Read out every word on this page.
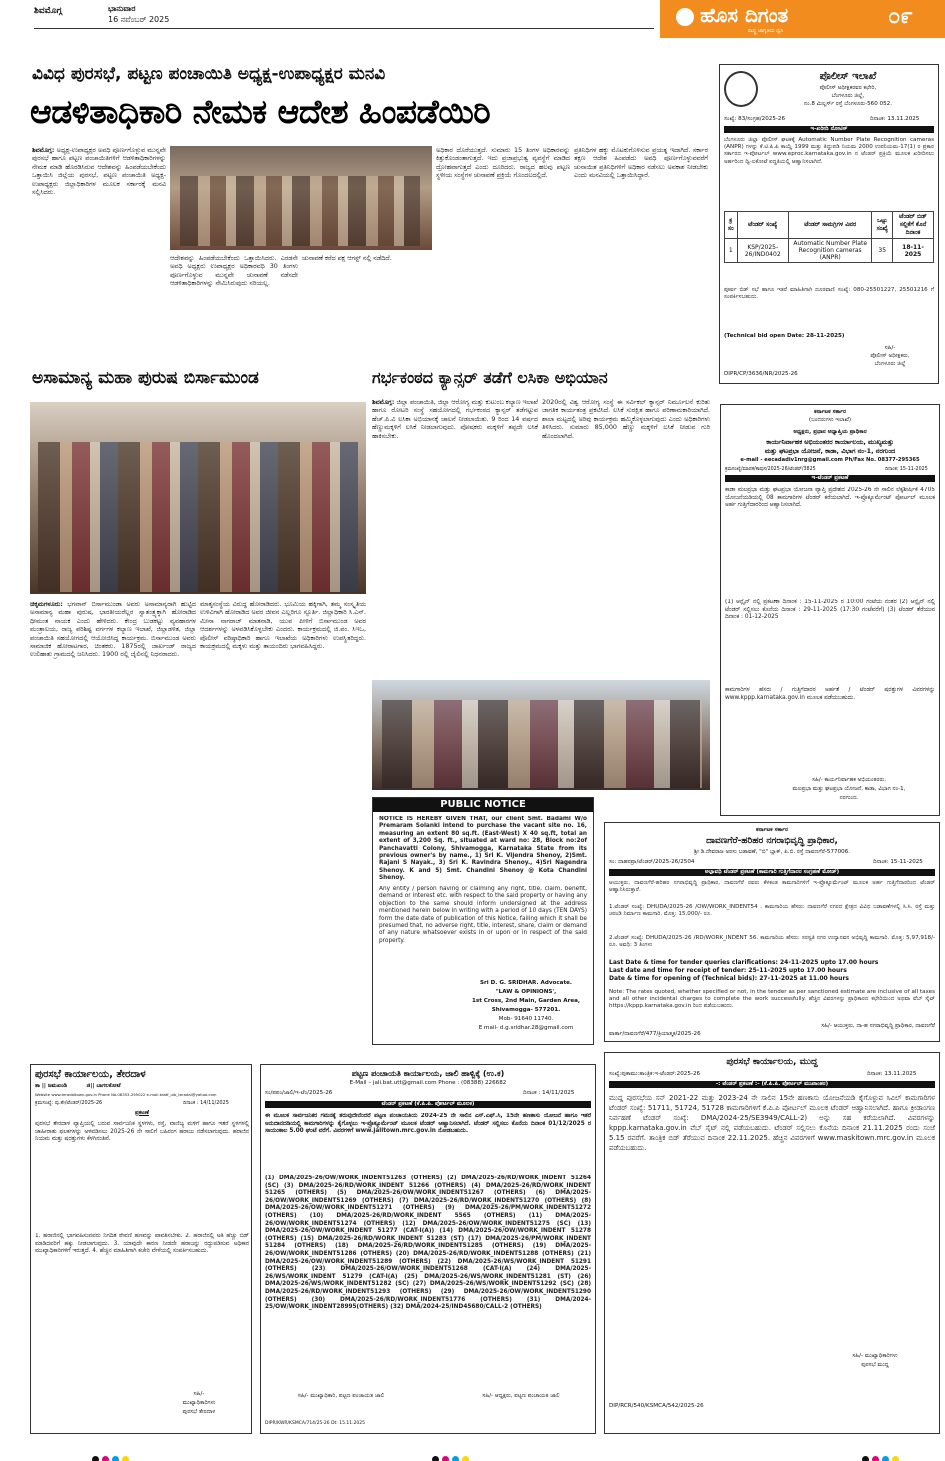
ಶಿವಮೊಗ್ಗ	ಭಾನುವಾರ
16 ನವೆಂಬರ್ 2025	ಹೊಸ ದಿಗಂತ
ರಾಷ್ಟ್ರ ಜಾಗೃತಿಯ ಧ್ವನಿ
೦೯
ವಿವಿಧ ಪುರಸಭೆ, ಪಟ್ಟಣ ಪಂಚಾಯಿತಿ ಅಧ್ಯಕ್ಷ-ಉಪಾಧ್ಯಕ್ಷರ ಮನವಿ
ಆಡಳಿತಾಧಿಕಾರಿ ನೇಮಕ ಆದೇಶ ಹಿಂಪಡೆಯಿರಿ
ಶಿವಮೊಗ್ಗ: ಅಧ್ಯಕ್ಷ-ಉಪಾಧ್ಯಕ್ಷರ ಅವಧಿ ಪೂರ್ಣಗೊಳ್ಳುವ ಮುನ್ನವೇ ಪುರಸಭೆ ಹಾಗೂ ಪಟ್ಟಣ ಪಂಚಾಯಿತಿಗಳಿಗೆ ಆಡಳಿತಾಧಿಕಾರಿಗಳನ್ನು ನೇಮಕ ಮಾಡಿ ಹೊರಡಿಸಿರುವ ಆದೇಶವನ್ನು ಹಿಂಪಡೆಯಬೇಕೆಂದು ಒತ್ತಾಯಿಸಿ ಜಿಲ್ಲೆಯ ಪುರಸಭೆ, ಪಟ್ಟಣ ಪಂಚಾಯಿತಿ ಅಧ್ಯಕ್ಷ-ಉಪಾಧ್ಯಕ್ಷರು ಜಿಲ್ಲಾಧಿಕಾರಿಗಳ ಮೂಲಕ ಸರ್ಕಾರಕ್ಕೆ ಮನವಿ ಸಲ್ಲಿಸಿದರು.
ಆದೇಶವನ್ನು ಹಿಂಪಡೆಯಬೇಕೆಂದು ಒತ್ತಾಯಿಸಿದರು. ಎರಡನೇ ಅವಧಿ ಅಧ್ಯಕ್ಷರು ಉಪಾಧ್ಯಕ್ಷರ ಅಧಿಕಾರವಧಿ 30 ತಿಂಗಳು ಪೂರ್ಣಗೊಳ್ಳುವ ಮುನ್ನವೇ ಚುನಾವಣೆ ನಡೆಸದೇ ಆಡಳಿತಾಧಿಕಾರಿಗಳನ್ನು ನೇಮಿಸಿರುವುದು ಸರಿಯಲ್ಲ.
ಚುನಾವಣೆ ಕರೆದ ಪಕ್ಷ ಆಗಸ್ಟ್ ನಲ್ಲಿ ನಡೆದಿದೆ.
ಅಧಿಕಾರ ದೊರೆಯುತ್ತದೆ. ಸುಮಾರು 15 ತಿಂಗಳ ಅಧಿಕಾರವನ್ನು ಕಿತ್ತುಕೊಂಡಂತಾಗುತ್ತದೆ. ಇದು ಪ್ರಜಾಪ್ರಭುತ್ವ ವ್ಯವಸ್ಥೆಗೆ ಮಾಡಿದ ದ್ರೋಹವಾಗುತ್ತದೆ ಎಂದು ದೂರಿದರು. ರಾಜ್ಯದ ಹಲವು ಪಟ್ಟಣ ಸ್ಥಳೀಯ ಸಂಸ್ಥೆಗಳ ಚುನಾವಣೆ ಪ್ರಕ್ರಿಯೆ ಗೊಂದಲದಲ್ಲಿದೆ.
ಪ್ರತಿನಿಧಿಗಳ ಹಕ್ಕು ಮೊಟಕುಗೊಳಿಸುವ ಪ್ರಯತ್ನ ಇದಾಗಿದೆ. ಸರ್ಕಾರ ತಕ್ಷಣ ಆದೇಶ ಹಿಂಪಡೆದು ಅವಧಿ ಪೂರ್ಣಗೊಳ್ಳುವವರೆಗೆ ಚುನಾಯಿತ ಪ್ರತಿನಿಧಿಗಳಿಗೆ ಅಧಿಕಾರ ನಡೆಸಲು ಅವಕಾಶ ನೀಡಬೇಕು ಎಂದು ಮನವಿಯಲ್ಲಿ ಒತ್ತಾಯಿಸಿದ್ದಾರೆ.
ಪೊಲೀಸ್ ಇಲಾಖೆ
ಪೊಲೀಸ್ ಅಧೀಕ್ಷಕರವರ ಕಛೇರಿ,
ಬೆಂಗಳೂರು ಜಿಲ್ಲೆ,
ನಂ.8 ಮಿಲ್ಲರ್ಸ್ ರಸ್ತೆ ಬೆಂಗಳೂರು-560 052.
ಸಂಖ್ಯೆ: 83/ಸಂಗ್ರಹ/2025-26	ದಿನಾಂಕ: 13.11.2025
ಇ-ಖರೀದಿ ನೋಟಿಸ್
ಬೆಂಗಳೂರು ಜಿಲ್ಲಾ ಪೊಲೀಸ್ ಘಟಕಕ್ಕೆ Automatic Number Plate Recognition cameras (ANPR) ಗಳನ್ನು ಕೆ.ಟಿ.ಪಿ.ಪಿ ಕಾಯ್ದೆ 1999 ಮತ್ತು ತಿದ್ದುಪಡಿ ನಿಯಮ 2000 ಉಪನಿಯಮ-17(1) ರ ಪ್ರಕಾರ ಸರ್ಕಾರದ ಇ-ಪೋರ್ಟಲ್ www.eproc.karnataka.gov.in ನ ಟೆಂಡರ್ ಪ್ರಕ್ರಿಯೆ ಮೂಲಕ ಖರೀದಿಸಲು ಅರ್ಹರಿಂದ ದ್ವಿ-ಲಕೋಟೆ ಪದ್ಧತಿಯಲ್ಲಿ ಆಹ್ವಾನಿಸಲಾಗಿದೆ.
ಕ್ರ ಸಂ	ಟೆಂಡರ್ ಸಂಖ್ಯೆ	ಟೆಂಡರ್ ಸಾಮಗ್ರಿಗಳ ವಿವರ	ಒಟ್ಟು ಸಂಖ್ಯೆ	ಟೆಂಡರ್ ಬಿಡ್ ಸಲ್ಲಿಕೆಗೆ ಕೊನೆ ದಿನಾಂಕ
1	KSP/2025-26/IND0402	Automatic Number Plate Recognition cameras (ANPR)	35	18-11-2025
ಪೂರ್ವ ಬಿಡ್ ಸಭೆ ಹಾಗೂ ಇತರೆ ಮಾಹಿತಿಗಾಗಿ ದೂರವಾಣಿ ಸಂಖ್ಯೆ: 080-25501227, 25501216 ಗೆ ಸಂಪರ್ಕಿಸಬಹುದು.
(Technical bid open Date: 28-11-2025)
ಸಹಿ/-
ಪೊಲೀಸ್ ಅಧೀಕ್ಷಕರು,
ಬೆಂಗಳೂರು ಜಿಲ್ಲೆ
DIPR/CP/3636/NR/2025-26
ಅಸಾಮಾನ್ಯ ಮಹಾ ಪುರುಷ ಬಿರ್ಸಾಮುಂಡ
ಚಿಕ್ಕಮಗಳೂರು: ಭಗವಾನ್ ಬಿರ್ಸಾಮುಂಡಾ ಅವರು ಅಸಾಮಾನ್ಯರಾಗಿ ಹುಟ್ಟಿದ ಅಸಾಮಾನ್ಯ ಮಹಾ ಪುರುಷ, ಭಾರತೀಯರೆಲ್ಲರ ಸ್ವಾತಂತ್ರ್ಯಕ್ಕಾಗಿ ಹೋರಾಡಿದ ಧೀಮಂತ ನಾಯಕ ಎಂದು ಹೇಳಿದರು. ಕೇಂದ್ರ ಬುಡಕಟ್ಟು ವ್ಯವಹಾರಗಳ ಮಂತ್ರಾಲಯ, ರಾಜ್ಯ ಪರಿಶಿಷ್ಟ ವರ್ಗಗಳ ಕಲ್ಯಾಣ ಇಲಾಖೆ, ಜಿಲ್ಲಾಡಳಿತ, ಜಿಲ್ಲಾ ಪಂಚಾಯಿತಿ ಸಹಯೋಗದಲ್ಲಿ ಆಯೋಜಿಸಿದ್ದ ಕಾರ್ಯಕ್ರಮ. ಬಿರ್ಸಾಮುಂಡ ಅವರು ಸಾಮಾಜಿಕ ಹೋರಾಟಗಾರ, ಚಿಂತಕರು. 1875ರಲ್ಲಿ ಜಾರ್ಖಂಡ್ ರಾಜ್ಯದ ಉಲಿಹಾತು ಗ್ರಾಮದಲ್ಲಿ ಜನಿಸಿದರು. 1900 ರಲ್ಲಿ ಜೈಲಿನಲ್ಲಿ ನಿಧನರಾದರು.
ಮಾತೃಸಂಸ್ಥೆಯ ವಿರುದ್ಧ ಹೋರಾಡಿದರು. ಭೂಮಿಯ ಹಕ್ಕಿಗಾಗಿ, ತಮ್ಮ ಸಂಸ್ಕೃತಿಯ ಉಳಿವಿಗಾಗಿ ಹೋರಾಡಿದ ಅವರ ಜೀವನ ಎಲ್ಲರಿಗೂ ಸ್ಫೂರ್ತಿ. ಜಿಲ್ಲಾಧಿಕಾರಿ ಸಿ.ಎನ್. ಮೀನಾ ನಾಗರಾಜ್ ಮಾತನಾಡಿ, ಯುವ ಪೀಳಿಗೆ ಬಿರ್ಸಾಮುಂಡ ಅವರ ಆದರ್ಶಗಳನ್ನು ಅಳವಡಿಸಿಕೊಳ್ಳಬೇಕು ಎಂದರು. ಕಾರ್ಯಕ್ರಮದಲ್ಲಿ ಜಿ.ಪಂ. ಸಿಇಒ, ಪೊಲೀಸ್ ವರಿಷ್ಠಾಧಿಕಾರಿ ಹಾಗೂ ಇಲಾಖೆಯ ಅಧಿಕಾರಿಗಳು ಉಪಸ್ಥಿತರಿದ್ದರು. ಕಾಯಕ್ರಮದಲ್ಲಿ ಮಕ್ಕಳು ಮತ್ತು ತಾಯಂದಿರು ಭಾಗವಹಿಸಿದ್ದರು.
ಗರ್ಭಕಂಠದ ಕ್ಯಾನ್ಸರ್ ತಡೆಗೆ ಲಸಿಕಾ ಅಭಿಯಾನ
ಶಿವಮೊಗ್ಗ: ಜಿಲ್ಲಾ ಪಂಚಾಯಿತಿ, ಜಿಲ್ಲಾ ಆರೋಗ್ಯ ಮತ್ತು ಕುಟುಂಬ ಕಲ್ಯಾಣ ಇಲಾಖೆ ಹಾಗೂ ರೋಟರಿ ಸಂಸ್ಥೆ ಸಹಯೋಗದಲ್ಲಿ ಗರ್ಭಕಂಠದ ಕ್ಯಾನ್ಸರ್ ತಡೆಗಟ್ಟುವ ಹೆಚ್.ಪಿ.ವಿ ಲಸಿಕಾ ಅಭಿಯಾನಕ್ಕೆ ಚಾಲನೆ ನೀಡಲಾಯಿತು. 9 ರಿಂದ 14 ವರ್ಷದ ಹೆಣ್ಣುಮಕ್ಕಳಿಗೆ ಲಸಿಕೆ ನೀಡಲಾಗುವುದು. ಪೋಷಕರು ಮಕ್ಕಳಿಗೆ ತಪ್ಪದೇ ಲಸಿಕೆ ಹಾಕಿಸಬೇಕು.
2020ರಲ್ಲಿ ವಿಶ್ವ ಆರೋಗ್ಯ ಸಂಸ್ಥೆ ಈ ಸರ್ವಿಕಲ್ ಕ್ಯಾನ್ಸರ್ ನಿರ್ಮೂಲನೆ ಕುರಿತು ಜಾಗತಿಕ ಕಾರ್ಯತಂತ್ರ ಪ್ರಕಟಿಸಿದೆ. ಲಸಿಕೆ ಸುರಕ್ಷಿತ ಹಾಗೂ ಪರಿಣಾಮಕಾರಿಯಾಗಿದೆ. ಶಾಲಾ ಮಟ್ಟದಲ್ಲಿ ಅರಿವು ಕಾರ್ಯಕ್ರಮ ಹಮ್ಮಿಕೊಳ್ಳಲಾಗುವುದು ಎಂದು ಅಧಿಕಾರಿಗಳು ತಿಳಿಸಿದರು. ಸುಮಾರು 85,000 ಹೆಣ್ಣು ಮಕ್ಕಳಿಗೆ ಲಸಿಕೆ ನೀಡುವ ಗುರಿ ಹೊಂದಲಾಗಿದೆ.
PUBLIC NOTICE
NOTICE IS HEREBY GIVEN THAT, our client Smt. Badami W/o Premaram Solanki intend to purchase the vacant site no. 16, measuring an extent 80 sq.ft. (East-West) X 40 sq.ft, total an extent of 3,200 Sq. ft., situated at ward no: 28, Block no:2of Panchavatti Colony, Shivamogga, Karnataka State from its previous owner's by name., 1) Sri K. Vijendra Shenoy, 2)Smt. Rajani S Nayak., 3) Sri K. Ravindra Shenoy., 4)Sri Nagendra Shenoy. K and 5) Smt. Chandini Shenoy @ Kota Chandini Shenoy.
Any entity / person having or claiming any right, title, claim, benefit, demand or interest etc. with respect to the said property or having any objection to the same should inform undersigned at the address mentioned herein below in writing with a period of 10 days (TEN DAYS) form the date date of publication of this Notice, failing which it shall be presumed that, no adverse right, title, interest, share, claim or demand of any nature whatsoever exists in or upon or in respect of the said property.
Sri D. G. SRIDHAR. Advocate.
"LAW & OPINIONS',
1st Cross, 2nd Main, Garden Area,
Shivamogga- 577201.
Mob- 91640 11740.
E mail- d.g.sridhar.28@gmail.com
ಕರ್ನಾಟಕ ಸರ್ಕಾರ
(ಬಂದರುಗಳು ಇಲಾಖೆ)
ಅಧ್ಯಕ್ಷರು, ಪ್ರಧಾನ ಅಧ್ಯಾಪ್ತಿಯ ಪ್ರಾಧಿಕಾರ
ಕಾರ್ಯನಿರ್ವಾಹಕ ಅಭಿಯಂತರರ ಕಾರ್ಯಾಲಯ, ಮುಖ್ಯಮತ್ತು
ಮತ್ತು ಘಟಪ್ರಭಾ ಯೋಜನೆ, ಕಾಡಾ, ವಿಭಾಗ ನಂ-1, ನರಗುಂದ
e-mail - eecadadiv1nrg@gmail.com Ph/Fax No. 08377-295365
ಕ್ರಮಸಂಖ್ಯೆ/ಮಾಪಕ/ಕಾಪುಸ/2025-26/ಟೆಂಡರ್/3825	ದಿನಾಂಕ: 15-11-2025
ಇ-ಟೆಂಡರ್ ಪ್ರಕಟಣೆ
ಕಾಡಾ ಮಲಪ್ರಭಾ ಮತ್ತು ಘಟಪ್ರಭಾ ಯೋಜನಾ ವ್ಯಾಪ್ತಿ ಪ್ರದೇಶದ 2025-26 ನೇ ಸಾಲಿನ ಲೆಕ್ಕಶೀರ್ಷಿಕೆ 4705 ಯೋಜನೆಯಡಿಯಲ್ಲಿ 08 ಕಾಮಗಾರಿಗಳ ಟೆಂಡರ್ ಕರೆಯಲಾಗಿದೆ. ಇ-ಪ್ರೊಕ್ಯೂರ್ಮೆಂಟ್ ಪೋರ್ಟಲ್ ಮೂಲಕ ಅರ್ಹ ಗುತ್ತಿಗೆದಾರರಿಂದ ಆಹ್ವಾನಿಸಲಾಗಿದೆ.
(1) ಆನ್ಲೈನ್ ನಲ್ಲಿ ಪ್ರಕಟಣಾ ದಿನಾಂಕ : 15-11-2025 ರ 10:00 ಗಂಟೆಯ ನಂತರ (2) ಆನ್ಲೈನ್ ನಲ್ಲಿ ಟೆಂಡರ್ ಸಲ್ಲಿಸಲು ಕೊನೆಯ ದಿನಾಂಕ : 29-11-2025 (17:30 ಗಂಟೆವರೆಗೆ) (3) ಟೆಂಡರ್ ತೆರೆಯುವ ದಿನಾಂಕ : 01-12-2025
ಕಾಮಗಾರಿಗಳ ಹೆಸರು / ಗುತ್ತಿಗೆದಾರರ ಅರ್ಹತೆ / ಟೆಂಡರ್ ಷರತ್ತುಗಳ ವಿವರಗಳನ್ನು www.kppp.karnataka.gov.in ಮೂಲಕ ಪಡೆಯಬಹುದು.
ಸಹಿ/- ಕಾರ್ಯನಿರ್ವಾಹಕ ಅಭಿಯಂತರರು,
ಮಲಪ್ರಭಾ ಮತ್ತು ಘಟಪ್ರಭಾ ಯೋಜನೆ, ಕಾಡಾ, ವಿಭಾಗ ನಂ-1,
ನರಗುಂದ.
ಕರ್ನಾಟಕ ಸರ್ಕಾರ
ದಾವಣಗೆರೆ-ಹರಿಹರ ನಗರಾಭಿವೃದ್ಧಿ ಪ್ರಾಧಿಕಾರ,
ಶ್ರೀ ಡಿ.ದೇವರಾಜ ಅರಸು ಬಡಾವಣೆ, "ಬಿ" ಬ್ಲಾಕ್, ಪಿ.ಬಿ. ರಸ್ತೆ ದಾವಣಗೆರೆ-577006.
ಸಂ: ದಾಹನಪ್ರಾ/ಟೆಂಡರ್/2025-26/2504	ದಿನಾಂಕ: 15-11-2025
ಅಲ್ಪಾವಧಿ ಟೆಂಡರ್ ಪ್ರಕಟಣೆ (ಕಾಮಗಾರಿ ಗುತ್ತಿಗೆದಾರರ ಸಂಗ್ರಹಣೆ ಮೋಡ್)
ಆಯುಕ್ತರು, ದಾವಣಗೆರೆ-ಹರಿಹರ ನಗರಾಭಿವೃದ್ಧಿ ಪ್ರಾಧಿಕಾರ, ದಾವಣಗೆರೆ ರವರು ಕೆಳಕಂಡ ಕಾಮಗಾರಿಗಳಿಗೆ ಇ-ಪ್ರೊಕ್ಯೂರ್ಮೆಂಟ್ ಮೂಲಕ ಅರ್ಹ ಗುತ್ತಿಗೆದಾರರಿಂದ ಟೆಂಡರ್ ಆಹ್ವಾನಿಸಿರುತ್ತಾರೆ.
1.ಟೆಂಡರ್ ಸಂಖ್ಯೆ: DHUDA/2025-26 /OW/WORK_INDENT54 . ಕಾಮಗಾರಿಯ ಹೆಸರು: ದಾವಣಗೆರೆ ನಗರದ ಕ್ಷೇತ್ರದ ವಿವಿಧ ಬಡಾವಣೆಗಳಲ್ಲಿ ಸಿ.ಸಿ. ರಸ್ತೆ ಮತ್ತು ಚರಂಡಿ ನಿರ್ಮಾಣ ಕಾಮಗಾರಿ. ಮೊತ್ತ: 15,000/- ರೂ.
2.ಟೆಂಡರ್ ಸಂಖ್ಯೆ: DHUDA/2025-26 /RD/WORK_INDENT 56. ಕಾಮಗಾರಿಯ ಹೆಸರು: ಸರಸ್ವತಿ ನಗರ ಉದ್ಯಾನವನ ಅಭಿವೃದ್ಧಿ ಕಾಮಗಾರಿ. ಮೊತ್ತ: 5,97,918/- ರೂ. ಅವಧಿ: 3 ತಿಂಗಳು
Last Date & time for tender queries clarifications: 24-11-2025 upto 17.00 hours
Last date and time for receipt of tender: 25-11-2025 upto 17.00 hours
Date & time for opening of (Technical bids): 27-11-2025 at 11.00 hours
Note: The rates quoted, whether specified or not, in the tender as per sanctioned estimate are inclusive of all taxes and all other incidental charges to complete the work successfully. ಹೆಚ್ಚಿನ ವಿವರಗಳನ್ನು ಪ್ರಾಧಿಕಾರದ ಕಛೇರಿಯಿಂದ ಅಥವಾ ವೆಬ್ ಸೈಟ್ https://kppp.karnataka.gov.in ರಿಂದ ಪಡೆಯಬಹುದು.
ಸಹಿ/- ಆಯುಕ್ತರು, ದಾ-ಹ ನಗರಾಭಿವೃದ್ಧಿ ಪ್ರಾಧಿಕಾರ, ದಾವಣಗೆರೆ
ವಾರ್ತಾ/ದಾವಣಗೆರೆ/477/ಕ್ರಿಯಾತ್ಮಕ/2025-26
ಪುರಸಭೆ ಕಾರ್ಯಾಲಯ, ತೇರದಾಳ
ತಾ || ಜಮಖಂಡಿ          ಜಿ|| ಬಾಗಲಕೋಟೆ
Website www.teradaltown.gov.in Phone No.08353-295022 e-mail.tdatf_ulb_teradal@yahoo.com
ಕ್ರಮಸಂಖ್ಯೆ: ಪು.ತೇ/ಟೆಂಡರ್/2025-26	ದಿನಾಂಕ : 14/11/2025
ಪ್ರಕಟಣೆ
ಪುರಸಭೆ ತೇರದಾಳ ವ್ಯಾಪ್ತಿಯಲ್ಲಿ ಬರುವ ಸಾರ್ವಜನಿಕ ಸ್ಥಳಗಳು, ರಸ್ತೆ, ವಾಣಿಜ್ಯ ಮಳಿಗೆ ಹಾಗೂ ಇತರೆ ಸ್ಥಳಗಳಲ್ಲಿ ಜಾಹೀರಾತು ಫಲಕಗಳನ್ನು ಅಳವಡಿಸಲು 2025-26 ನೇ ಸಾಲಿಗೆ ಬಹಿರಂಗ ಹರಾಜು ನಡೆಸಲಾಗುವುದು. ಹರಾಜಿನ ನಿಯಮ ಮತ್ತು ಷರತ್ತುಗಳು ಕೆಳಗಿನಂತಿವೆ.
1. ಹರಾಜಿನಲ್ಲಿ ಭಾಗವಹಿಸುವವರು ನಿಗದಿತ ಠೇವಣಿ ಹಣವನ್ನು ಪಾವತಿಸಬೇಕು. 2. ಹರಾಜಿನಲ್ಲಿ ಅತಿ ಹೆಚ್ಚು ಬಿಡ್ ಮಾಡಿದವರಿಗೆ ಹಕ್ಕು ನೀಡಲಾಗುವುದು. 3. ಯಾವುದೇ ಕಾರಣ ನೀಡದೇ ಹರಾಜನ್ನು ರದ್ದುಪಡಿಸುವ ಅಧಿಕಾರ ಮುಖ್ಯಾಧಿಕಾರಿಗಳಿಗೆ ಇರುತ್ತದೆ. 4. ಹೆಚ್ಚಿನ ಮಾಹಿತಿಗಾಗಿ ಕಚೇರಿ ವೇಳೆಯಲ್ಲಿ ಸಂಪರ್ಕಿಸಬಹುದು.
ಸಹಿ/-
ಮುಖ್ಯಾಧಿಕಾರಿಗಳು
ಪುರಸಭೆ ತೇರದಾಳ
ಪಟ್ಟಣ ಪಂಚಾಯತಿ ಕಾರ್ಯಾಲಯ, ಜಾಲಿ ಹಾಳ್ವಿಕ್ಕೆ (ಉ.ಕ)
E-Mail – jali.bat.utt@gmail.com Phone : (08388) 226682
ಸಂ/ಪಪಂ/ಜಾಲಿ/ಇ-ಟೆಂ/2025-26	ದಿನಾಂಕ : 14/11/2025
ಟೆಂಡರ್ ಪ್ರಕಟಣೆ (ಕೆ.ಪಿ.ಪಿ. ಪೋರ್ಟಲ್ ಮೂಲಕ)
ಈ ಮೂಲಕ ಸಾರ್ವಜನಿಕರ ಗಮನಕ್ಕೆ ತರುವುದೇನೆಂದರೆ ಪಟ್ಟಣ ಪಂಚಾಯತಿಯ 2024-25 ನೇ ಸಾಲಿನ ಎಸ್.ಎಫ್.ಸಿ, 15ನೇ ಹಣಕಾಸು ಯೋಜನೆ ಹಾಗೂ ಇತರೆ ಅನುದಾನದಡಿಯಲ್ಲಿ ಕಾಮಗಾರಿಗಳನ್ನು ಕೈಗೊಳ್ಳಲು ಇ-ಪ್ರೊಕ್ಯೂರ್ಮೆಂಟ್ ಮೂಲಕ ಟೆಂಡರ್ ಆಹ್ವಾನಿಸಲಾಗಿದೆ. ಟೆಂಡರ್ ಸಲ್ಲಿಸಲು ಕೊನೆಯ ದಿನಾಂಕ 01/12/2025 ರ ಸಾಯಂಕಾಲ 5.00 ಘಂಟೆ ವರೆಗೆ. ವಿವರಗಳಿಗೆ www.jalitown.mrc.gov.in ನೋಡಬಹುದು.
(1) DMA/2025-26/OW/WORK_INDENT51263 (OTHERS) (2) DMA/2025-26/RD/WORK_INDENT 51264 (SC) (3) DMA/2025-26/RD/WORK_INDENT 51266 (OTHERS) (4) DMA/2025-26/RD/WORK_INDENT 51265 (OTHERS) (5) DMA/2025-26/OW/WORK_INDENT51267 (OTHERS) (6) DMA/2025-26/OW/WORK_INDENT51269 (OTHERS) (7) DMA/2025-26/RD/WORK_INDENT51270 (OTHERS) (8) DMA/2025-26/OW/WORK_INDENT51271 (OTHERS) (9) DMA/2025-26/PM/WORK_INDENT51272 (OTHERS) (10) DMA/2025-26/RD/WORK_INDENT 5565 (OTHERS) (11) DMA/2025-26/OW/WORK_INDENT51274 (OTHERS) (12) DMA/2025-26/OW/WORK_INDENT51275 (SC) (13) DMA/2025-26/OW/WORK_INDENT 51277 (CAT-I(A)) (14) DMA/2025-26/OW/WORK_INDENT 51278 (OTHERS) (15) DMA/2025-26/RD/WORK_INDENT 51283 (ST) (17) DMA/2025-26/PM/WORK_INDENT 51284 (OTHERS) (18) DMA/2025-26/RD/WORK_INDENT51285 (OTHERS) (19) DMA/2025-26/OW/WORK_INDENT51286 (OTHERS) (20) DMA/2025-26/RD/WORK_INDENT51288 (OTHERS) (21) DMA/2025-26/OW/WORK_INDENT51289 (OTHERS) (22) DMA/2025-26/WS/WORK_INDENT 51291 (OTHERS) (23) DMA/2025-26/OW/WORK_INDENT51268 (CAT-I(A) (24) DMA/2025-26/WS/WORK_INDENT 51279 (CAT-I(A) (25) DMA/2025-26/WS/WORK_INDENT51281 (ST) (26) DMA/2025-26/WS/WORK_INDENT51282 (SC) (27) DMA/2025-26/WS/WORK_INDENT51292 (SC) (28) DMA/2025-26/RD/WORK_INDENT51293 (OTHERS) (29) DMA/2025-26/OW/WORK_INDENT51290 (OTHERS) (30) DMA/2025-26/RD/WORK_INDENT51776 (OTHERS) (31) DMA/2024-25/OW/WORK_INDENT28995(OTHERS) (32) DMA/2024-25/IND45680/CALL-2 (OTHERS)
ಸಹಿ/- ಮುಖ್ಯಾಧಿಕಾರಿ, ಪಟ್ಟಣ ಪಂಚಾಯತ ಜಾಲಿ	ಸಹಿ/- ಆಧ್ಯಕ್ಷರು, ಪಟ್ಟಣ ಪಂಚಾಯತ ಜಾಲಿ
DIPR/KWR/KSMCA/714/25-26 Dt: 15.11.2025
ಪುರಸಭೆ ಕಾರ್ಯಾಲಯ, ಮುದ್ದ
ಸಂಖ್ಯೆ:ಪುಕಾಮು:ತಾಂತ್ರಿಕ:ಇ-ಟೆಂಡರ್:2025-26	ದಿನಾಂಕ: 13.11.2025
-: ಟೆಂಡರ್ ಪ್ರಕಟಣೆ :- (ಕೆ.ಪಿ.ಪಿ. ಪೋರ್ಟಲ್ ಮುಖಾಂತರ)
ಮುದ್ದ ಪುರಸಭೆಯ ಸನ್ 2021-22 ಮತ್ತು 2023-24 ನೇ ಸಾಲಿನ 15ನೇ ಹಣಕಾಸು ಯೋಜನೆಯಡಿ ಕೈಗೊಳ್ಳುವ ಸಿವಿಲ್ ಕಾಮಗಾರಿಗಳ ಟೆಂಡರ್ ಸಂಖ್ಯೆ: 51711, 51724, 51728 ಕಾಮಗಾರಿಗಳಿಗೆ ಕೆ.ಪಿ.ಪಿ ಪೋರ್ಟಲ್ ಮೂಲಕ ಟೆಂಡರ್ ಆಹ್ವಾನಿಸಲಾಗಿದೆ. ಹಾಗೂ ಕ್ರೀಡಾಂಗಣ ನಿರ್ವಹಣೆ ಟೆಂಡರ್ ಸಂಖ್ಯೆ: DMA/2024-25/SE3949/CALL-2) ಅನ್ನು ಸಹ ಕರೆಯಲಾಗಿದೆ. ವಿವರಗಳನ್ನು kppp.karnataka.gov.in ವೆಬ್ ಸೈಟ್ ನಲ್ಲಿ ಪಡೆಯಬಹುದು. ಟೆಂಡರ್ ಸಲ್ಲಿಸಲು ಕೊನೆಯ ದಿನಾಂಕ 21.11.2025 ರಂದು ಸಂಜೆ 5.15 ರವರೆಗೆ. ತಾಂತ್ರಿಕ ಬಿಡ್ ತೆರೆಯುವ ದಿನಾಂಕ 22.11.2025. ಹೆಚ್ಚಿನ ವಿವರಗಳಿಗೆ www.maskitown.mrc.gov.in ಮೂಲಕ ಪಡೆಯಬಹುದು.
ಸಹಿ/- ಮುಖ್ಯಾಧಿಕಾರಿಗಳು
ಪುರಸಭೆ ಮುದ್ದ
DIP/RCR/540/KSMCA/542/2025-26
